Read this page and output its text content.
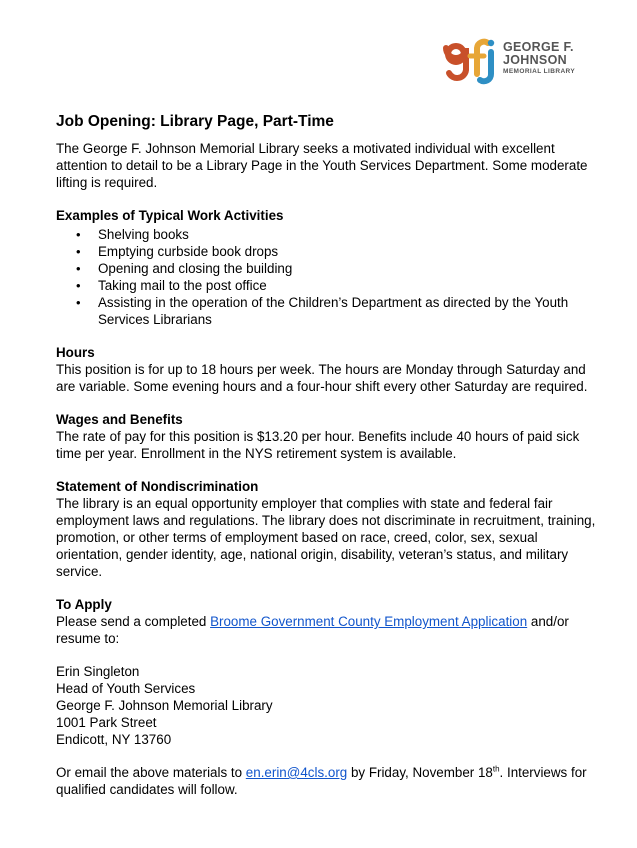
GEORGE F.
JOHNSON
MEMORIAL LIBRARY
Job Opening: Library Page, Part-Time

The George F. Johnson Memorial Library seeks a motivated individual with excellent attention to detail to be a Library Page in the Youth Services Department. Some moderate lifting is required.

Examples of Typical Work Activities

• Shelving books
• Emptying curbside book drops
• Opening and closing the building
• Taking mail to the post office
• Assisting in the operation of the Children’s Department as directed by the Youth Services Librarians

Hours

This position is for up to 18 hours per week. The hours are Monday through Saturday and are variable. Some evening hours and a four-hour shift every other Saturday are required.

Wages and Benefits

The rate of pay for this position is $13.20 per hour. Benefits include 40 hours of paid sick time per year. Enrollment in the NYS retirement system is available.

Statement of Nondiscrimination

The library is an equal opportunity employer that complies with state and federal fair employment laws and regulations. The library does not discriminate in recruitment, training, promotion, or other terms of employment based on race, creed, color, sex, sexual orientation, gender identity, age, national origin, disability, veteran’s status, and military service.

To Apply

Please send a completed Broome Government County Employment Application and/or resume to:

Erin Singleton

Head of Youth Services

George F. Johnson Memorial Library

1001 Park Street

Endicott, NY 13760

Or email the above materials to en.erin@4cls.org by Friday, November 18th. Interviews for qualified candidates will follow.
